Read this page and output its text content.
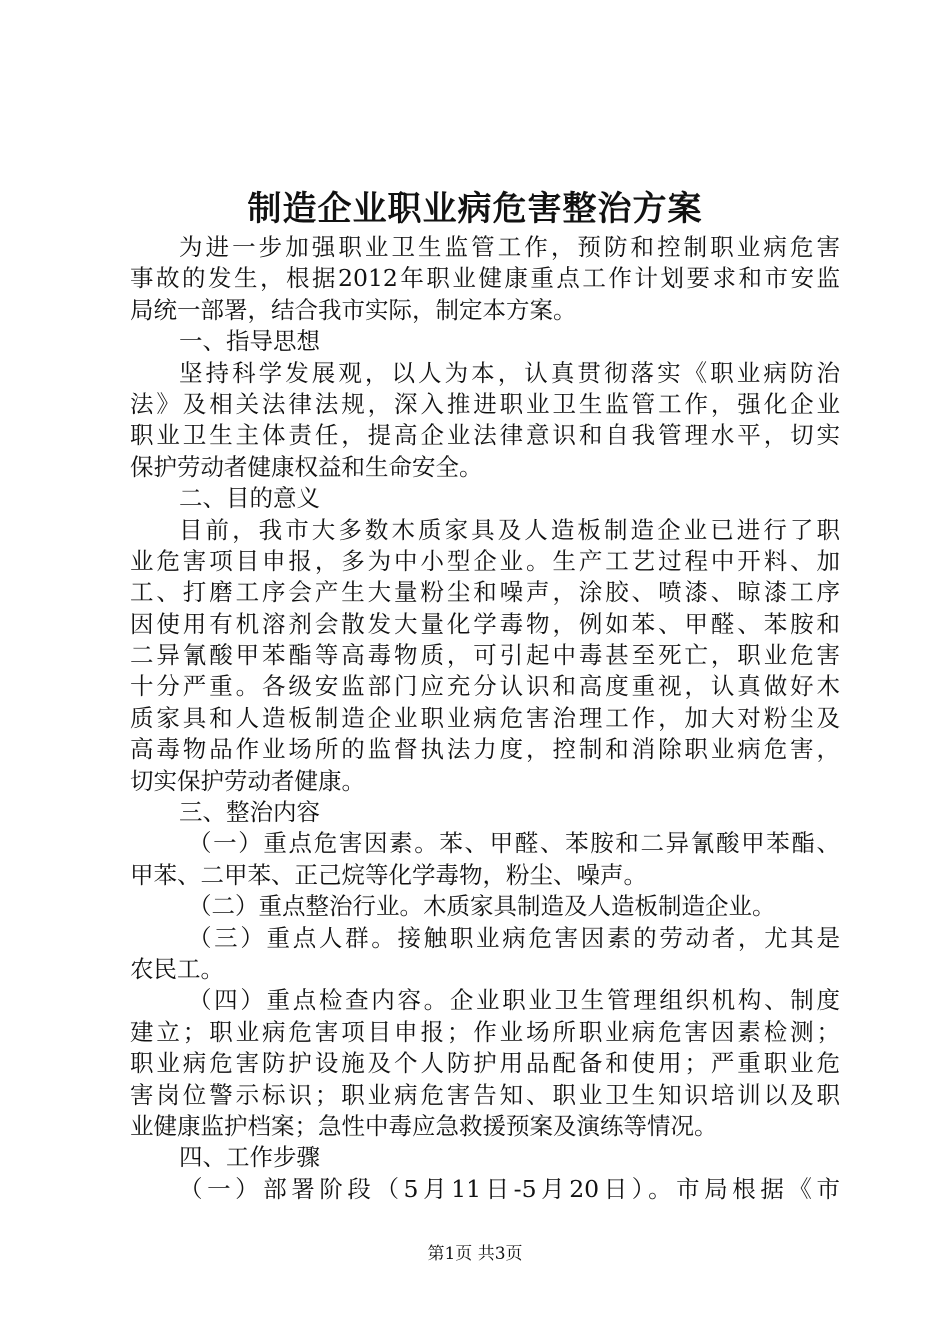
制造企业职业病危害整治方案
为进一步加强职业卫生监管工作，预防和控制职业病危害
事故的发生，根据2012年职业健康重点工作计划要求和市安监
局统一部署，结合我市实际，制定本方案。
一、指导思想
坚持科学发展观，以人为本，认真贯彻落实《职业病防治
法》及相关法律法规，深入推进职业卫生监管工作，强化企业
职业卫生主体责任，提高企业法律意识和自我管理水平，切实
保护劳动者健康权益和生命安全。
二、目的意义
目前，我市大多数木质家具及人造板制造企业已进行了职
业危害项目申报，多为中小型企业。生产工艺过程中开料、加
工、打磨工序会产生大量粉尘和噪声，涂胶、喷漆、晾漆工序
因使用有机溶剂会散发大量化学毒物，例如苯、甲醛、苯胺和
二异氰酸甲苯酯等高毒物质，可引起中毒甚至死亡，职业危害
十分严重。各级安监部门应充分认识和高度重视，认真做好木
质家具和人造板制造企业职业病危害治理工作，加大对粉尘及
高毒物品作业场所的监督执法力度，控制和消除职业病危害，
切实保护劳动者健康。
三、整治内容
（一）重点危害因素。苯、甲醛、苯胺和二异氰酸甲苯酯、
甲苯、二甲苯、正己烷等化学毒物，粉尘、噪声。
（二）重点整治行业。木质家具制造及人造板制造企业。
（三）重点人群。接触职业病危害因素的劳动者，尤其是
农民工。
（四）重点检查内容。企业职业卫生管理组织机构、制度
建立；职业病危害项目申报；作业场所职业病危害因素检测；
职业病危害防护设施及个人防护用品配备和使用；严重职业危
害岗位警示标识；职业病危害告知、职业卫生知识培训以及职
业健康监护档案；急性中毒应急救援预案及演练等情况。
四、工作步骤
（一）部署阶段（5月11日-5月20日）。市局根据《市
第1页 共3页
